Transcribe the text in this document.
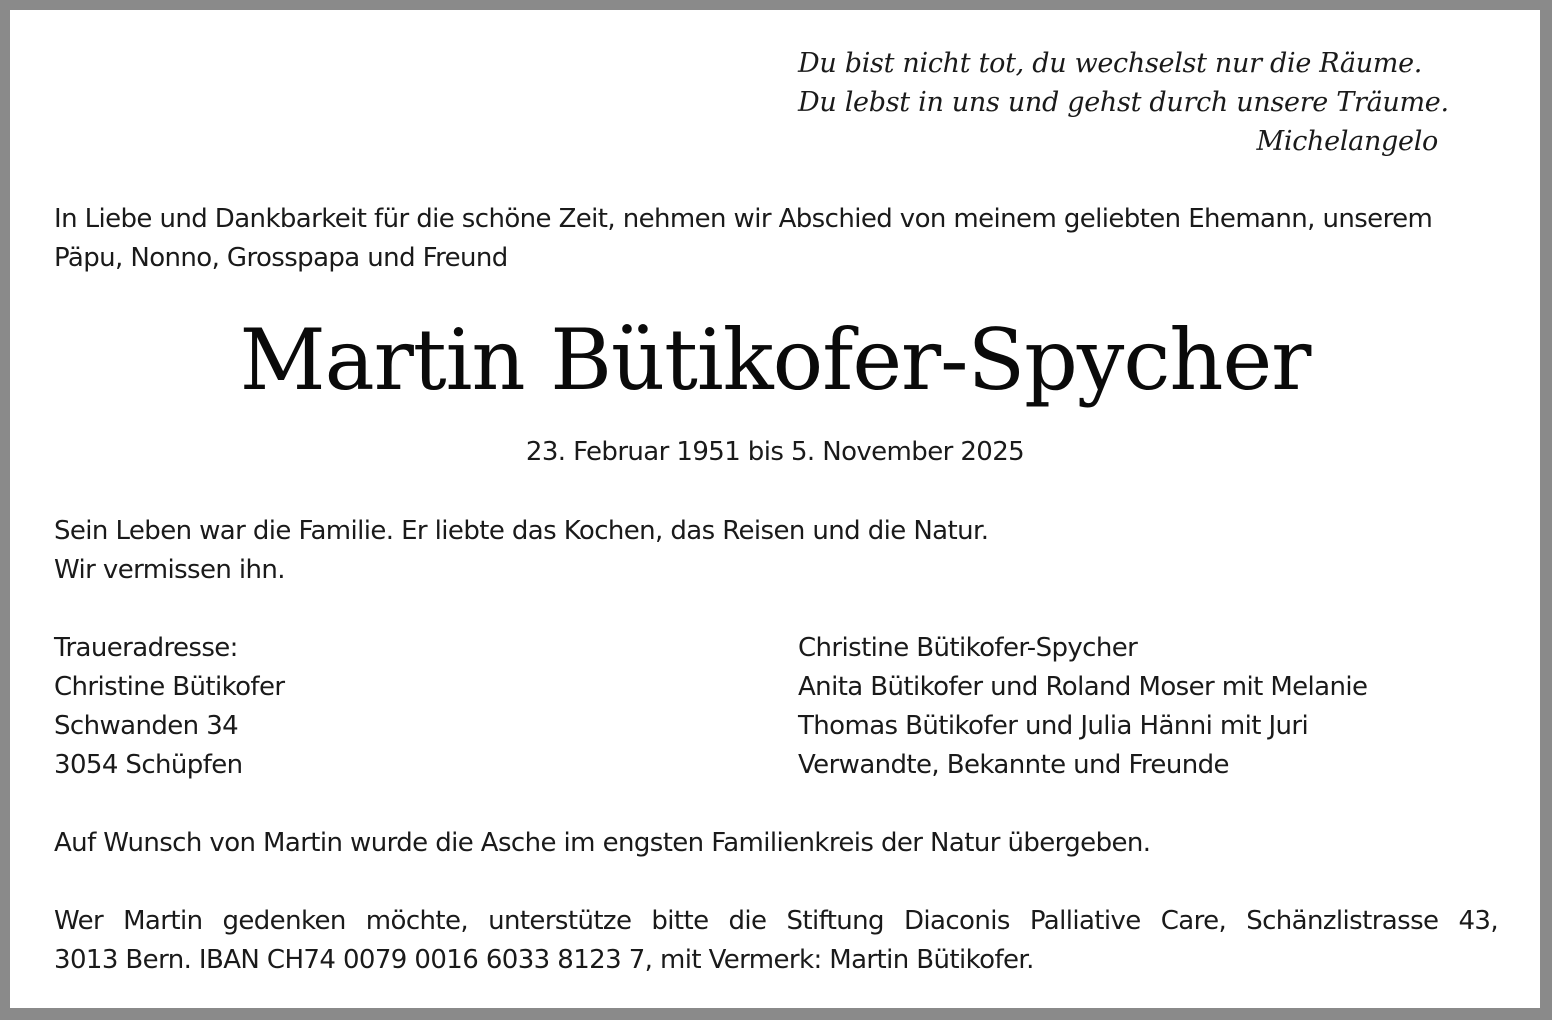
Du bist nicht tot, du wechselst nur die Räume.
Du lebst in uns und gehst durch unsere Träume.
Michelangelo
In Liebe und Dankbarkeit für die schöne Zeit, nehmen wir Abschied von meinem geliebten Ehemann, unserem
Päpu, Nonno, Grosspapa und Freund
Martin Bütikofer-Spycher
23. Februar 1951 bis 5. November 2025
Sein Leben war die Familie. Er liebte das Kochen, das Reisen und die Natur.
Wir vermissen ihn.
Traueradresse:
Christine Bütikofer
Schwanden 34
3054 Schüpfen
Christine Bütikofer-Spycher
Anita Bütikofer und Roland Moser mit Melanie
Thomas Bütikofer und Julia Hänni mit Juri
Verwandte, Bekannte und Freunde
Auf Wunsch von Martin wurde die Asche im engsten Familienkreis der Natur übergeben.
Wer Martin gedenken möchte, unterstütze bitte die Stiftung Diaconis Palliative Care, Schänzlistrasse 43,
3013 Bern. IBAN CH74 0079 0016 6033 8123 7, mit Vermerk: Martin Bütikofer.
